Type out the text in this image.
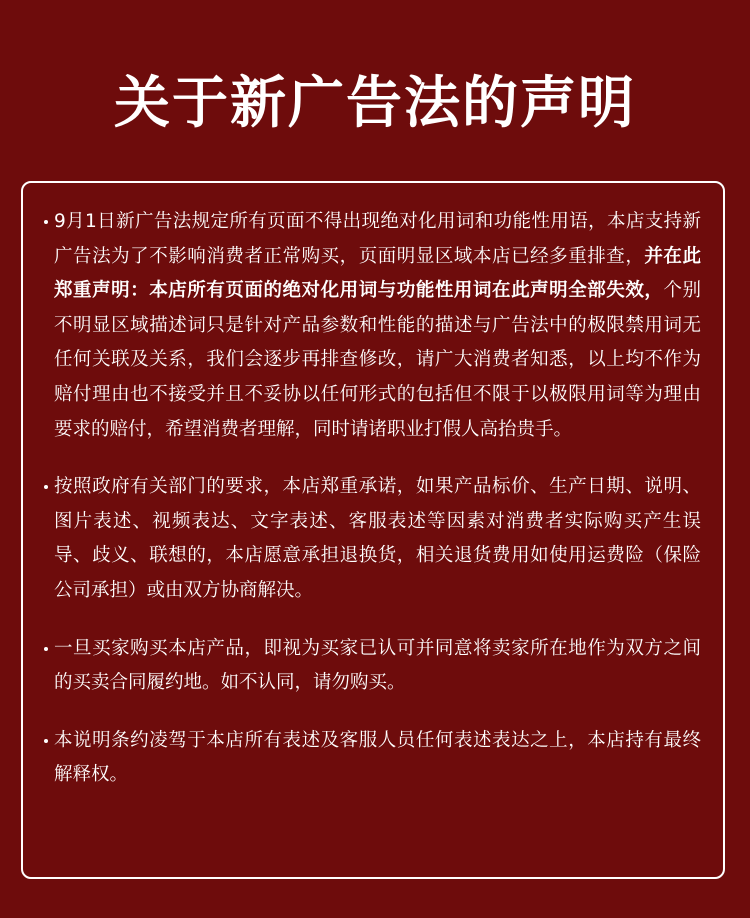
关于新广告法的声明

9月1日新广告法规定所有页面不得出现绝对化用词和功能性用语，本店支持新广告法为了不影响消费者正常购买，页面明显区域本店已经多重排查，并在此郑重声明：本店所有页面的绝对化用词与功能性用词在此声明全部失效，个别不明显区域描述词只是针对产品参数和性能的描述与广告法中的极限禁用词无任何关联及关系，我们会逐步再排查修改，请广大消费者知悉，以上均不作为赔付理由也不接受并且不妥协以任何形式的包括但不限于以极限用词等为理由要求的赔付，希望消费者理解，同时请诸职业打假人高抬贵手。

按照政府有关部门的要求，本店郑重承诺，如果产品标价、生产日期、说明、图片表述、视频表达、文字表述、客服表述等因素对消费者实际购买产生误导、歧义、联想的，本店愿意承担退换货，相关退货费用如使用运费险（保险公司承担）或由双方协商解决。

一旦买家购买本店产品，即视为买家已认可并同意将卖家所在地作为双方之间的买卖合同履约地。如不认同，请勿购买。

本说明条约凌驾于本店所有表述及客服人员任何表述表达之上，本店持有最终解释权。
